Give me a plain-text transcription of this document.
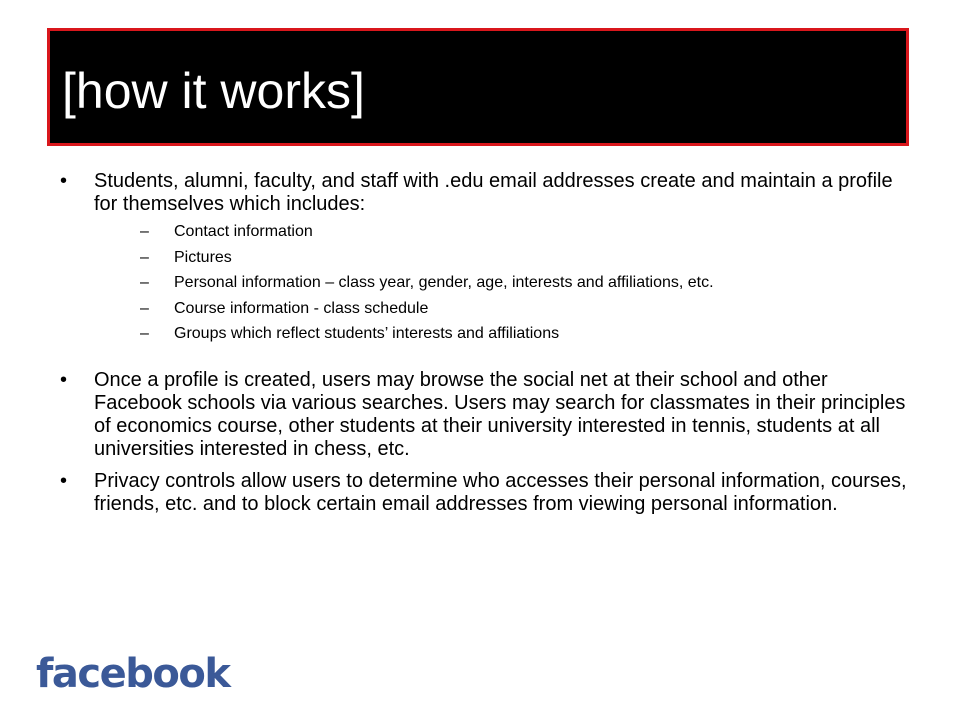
[how it works]
• Students, alumni, faculty, and staff with .edu email addresses create and maintain a profile for themselves which includes:
– Contact information
– Pictures
– Personal information – class year, gender, age, interests and affiliations, etc.
– Course information - class schedule
– Groups which reflect students’ interests and affiliations
• Once a profile is created, users may browse the social net at their school and other Facebook schools via various searches. Users may search for classmates in their principles of economics course, other students at their university interested in tennis, students at all universities interested in chess, etc.
• Privacy controls allow users to determine who accesses their personal information, courses, friends, etc. and to block certain email addresses from viewing personal information.
facebook
